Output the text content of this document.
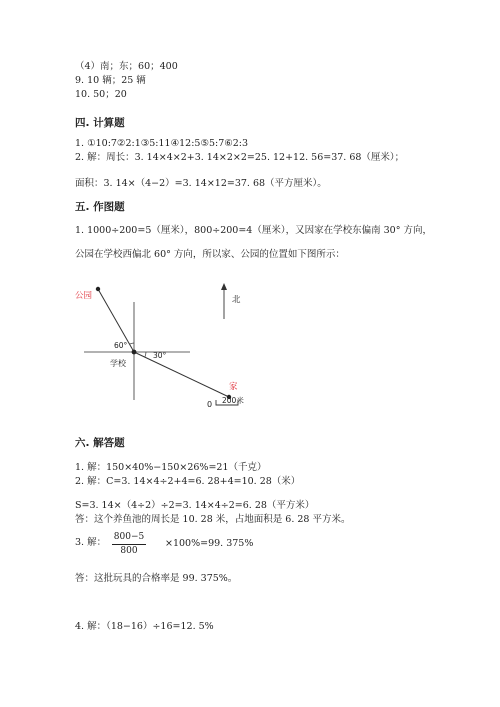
（4）南；东；60；400
9. 10 辆；25 辆
10. 50；20
四. 计算题
1. ①10:7②2:1③5:11④12:5⑤5:7⑥2:3
2. 解：周长：3. 14×4×2+3. 14×2×2=25. 12+12. 56=37. 68（厘米）；
面积：3. 14×（4−2）=3. 14×12=37. 68（平方厘米）。
五. 作图题
1. 1000÷200=5（厘米），800÷200=4（厘米），又因家在学校东偏南 30° 方向，
公园在学校西偏北 60° 方向，所以家、公园的位置如下图所示：
公园	北
60°
30°
学校
家
0 200米
六. 解答题
1. 解：150×40%−150×26%=21（千克）
2. 解：C=3. 14×4÷2+4=6. 28+4=10. 28（米）
S=3. 14×（4÷2）÷2=3. 14×4÷2=6. 28（平方米）
答：这个养鱼池的周长是 10. 28 米，占地面积是 6. 28 平方米。
3. 解： 800−5
800
×100%=99. 375%
答：这批玩具的合格率是 99. 375%。
4. 解：（18−16）÷16=12. 5%
